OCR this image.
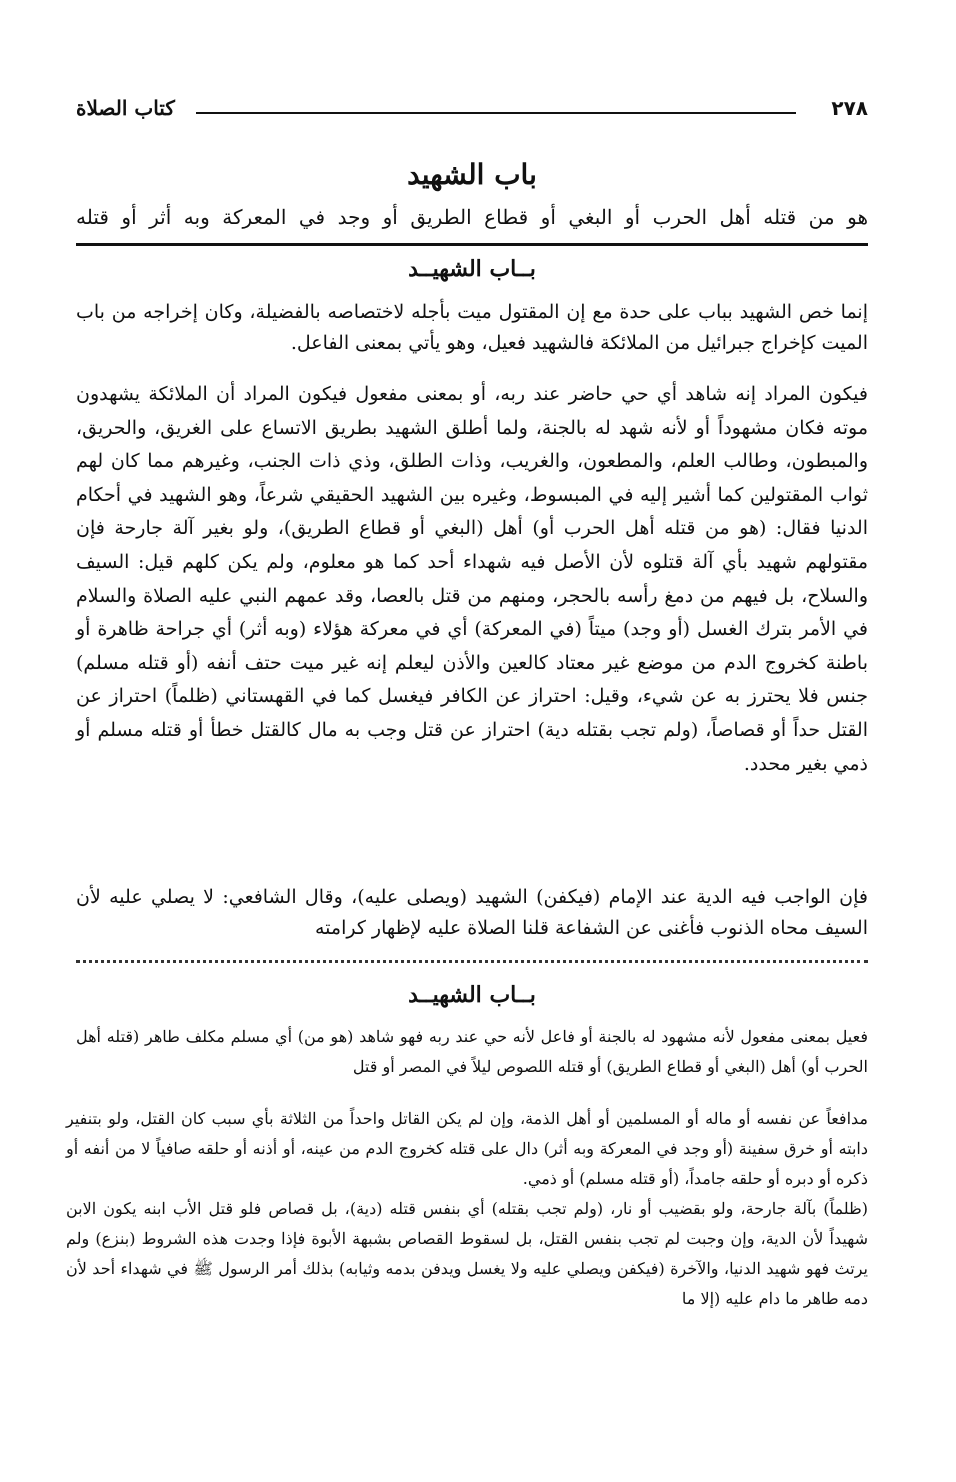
٢٧٨
كتاب الصلاة
باب الشهيد

هو من قتله أهل الحرب أو البغي أو قطاع الطريق أو وجد في المعركة وبه أثر أو قتله

بــاب الشهيــد

إنما خص الشهيد بباب على حدة مع إن المقتول ميت بأجله لاختصاصه بالفضيلة، وكان إخراجه من باب الميت كإخراج جبرائيل من الملائكة فالشهيد فعيل، وهو يأتي بمعنى الفاعل.

فيكون المراد إنه شاهد أي حي حاضر عند ربه، أو بمعنى مفعول فيكون المراد أن الملائكة يشهدون موته فكان مشهوداً أو لأنه شهد له بالجنة، ولما أطلق الشهيد بطريق الاتساع على الغريق، والحريق، والمبطون، وطالب العلم، والمطعون، والغريب، وذات الطلق، وذي ذات الجنب، وغيرهم مما كان لهم ثواب المقتولين كما أشير إليه في المبسوط، وغيره بين الشهيد الحقيقي شرعاً، وهو الشهيد في أحكام الدنيا فقال: (هو من قتله أهل الحرب أو) أهل (البغي أو قطاع الطريق)، ولو بغير آلة جارحة فإن مقتولهم شهيد بأي آلة قتلوه لأن الأصل فيه شهداء أحد كما هو معلوم، ولم يكن كلهم قيل: السيف والسلاح، بل فيهم من دمغ رأسه بالحجر، ومنهم من قتل بالعصا، وقد عمهم النبي عليه الصلاة والسلام في الأمر بترك الغسل (أو وجد) ميتاً (في المعركة) أي في معركة هؤلاء (وبه أثر) أي جراحة ظاهرة أو باطنة كخروج الدم من موضع غير معتاد كالعين والأذن ليعلم إنه غير ميت حتف أنفه (أو قتله مسلم) جنس فلا يحترز به عن شيء، وقيل: احتراز عن الكافر فيغسل كما في القهستاني (ظلماً) احتراز عن القتل حداً أو قصاصاً، (ولم تجب بقتله دية) احتراز عن قتل وجب به مال كالقتل خطأ أو قتله مسلم أو ذمي بغير محدد.

فإن الواجب فيه الدية عند الإمام (فيكفن) الشهيد (ويصلى عليه)، وقال الشافعي: لا يصلي عليه لأن السيف محاه الذنوب فأغنى عن الشفاعة قلنا الصلاة عليه لإظهار كرامته

بــاب الشهيــد

فعيل بمعنى مفعول لأنه مشهود له بالجنة أو فاعل لأنه حي عند ربه فهو شاهد (هو من) أي مسلم مكلف طاهر (قتله أهل الحرب أو) أهل (البغي أو قطاع الطريق) أو قتله اللصوص ليلاً في المصر أو قتل

مدافعاً عن نفسه أو ماله أو المسلمين أو أهل الذمة، وإن لم يكن القاتل واحداً من الثلاثة بأي سبب كان القتل، ولو بتنفير دابته أو خرق سفينة (أو وجد في المعركة وبه أثر) دال على قتله كخروج الدم من عينه، أو أذنه أو حلقه صافياً لا من أنفه أو ذكره أو دبره أو حلقه جامداً، (أو قتله مسلم) أو ذمي.

(ظلماً) بآلة جارحة، ولو بقضيب أو نار، (ولم تجب بقتله) أي بنفس قتله (دية)، بل قصاص فلو قتل الأب ابنه يكون الابن شهيداً لأن الدية، وإن وجبت لم تجب بنفس القتل، بل لسقوط القصاص بشبهة الأبوة فإذا وجدت هذه الشروط (بنزع) ولم يرتث فهو شهيد الدنيا، والآخرة (فيكفن ويصلي عليه ولا يغسل ويدفن بدمه وثيابه) بذلك أمر الرسول ﷺ في شهداء أحد لأن دمه طاهر ما دام عليه (إلا ما
